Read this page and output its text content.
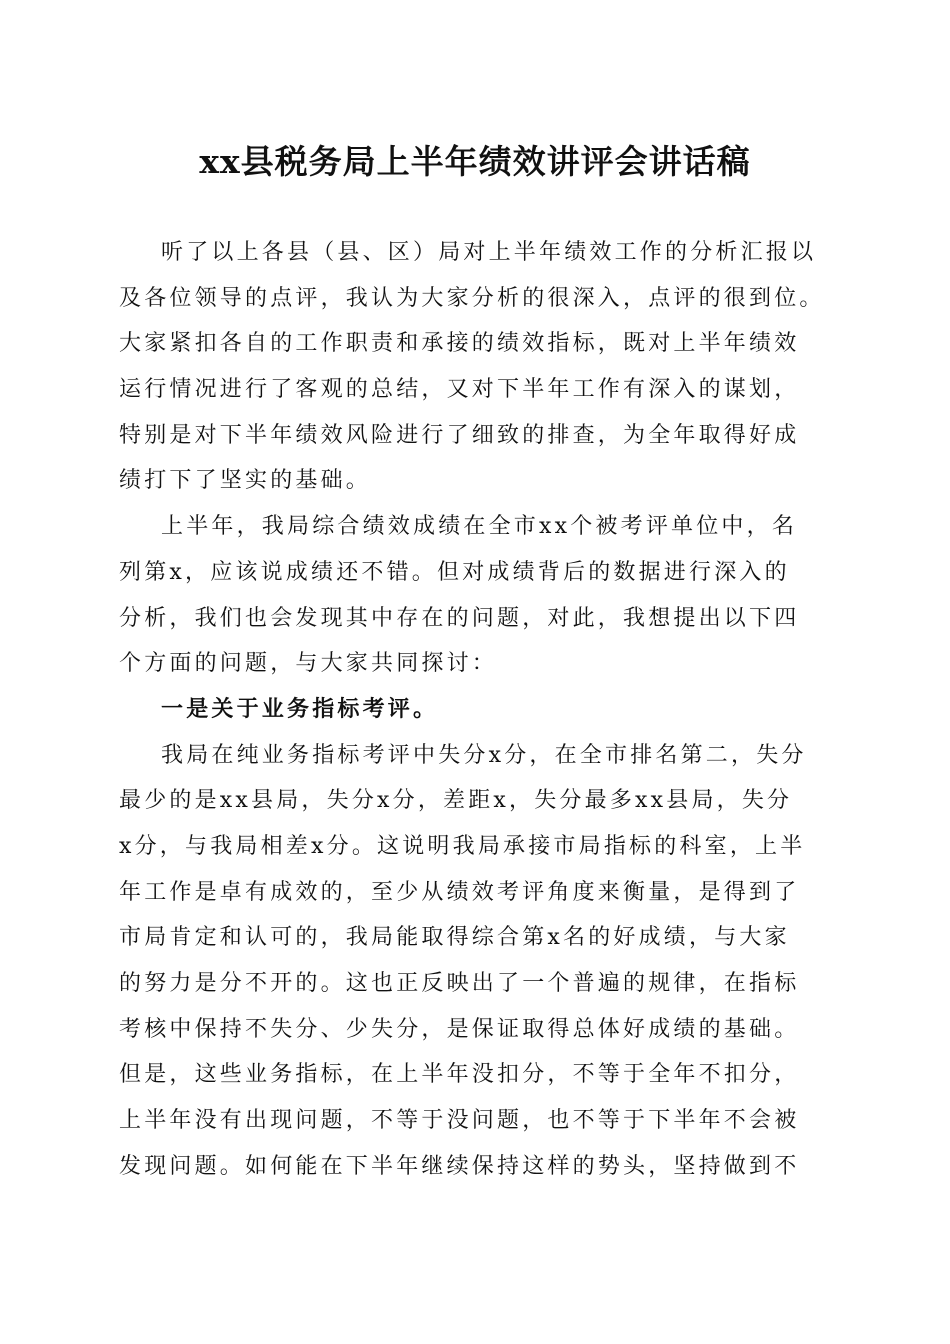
xx县税务局上半年绩效讲评会讲话稿
听了以上各县（县、区）局对上半年绩效工作的分析汇报以
及各位领导的点评，我认为大家分析的很深入，点评的很到位。
大家紧扣各自的工作职责和承接的绩效指标，既对上半年绩效
运行情况进行了客观的总结，又对下半年工作有深入的谋划，
特别是对下半年绩效风险进行了细致的排查，为全年取得好成
绩打下了坚实的基础。
上半年，我局综合绩效成绩在全市xx个被考评单位中，名
列第x，应该说成绩还不错。但对成绩背后的数据进行深入的
分析，我们也会发现其中存在的问题，对此，我想提出以下四
个方面的问题，与大家共同探讨：
一是关于业务指标考评。
我局在纯业务指标考评中失分x分，在全市排名第二，失分
最少的是xx县局，失分x分，差距x，失分最多xx县局，失分
x分，与我局相差x分。这说明我局承接市局指标的科室，上半
年工作是卓有成效的，至少从绩效考评角度来衡量，是得到了
市局肯定和认可的，我局能取得综合第x名的好成绩，与大家
的努力是分不开的。这也正反映出了一个普遍的规律，在指标
考核中保持不失分、少失分，是保证取得总体好成绩的基础。
但是，这些业务指标，在上半年没扣分，不等于全年不扣分，
上半年没有出现问题，不等于没问题，也不等于下半年不会被
发现问题。如何能在下半年继续保持这样的势头，坚持做到不
